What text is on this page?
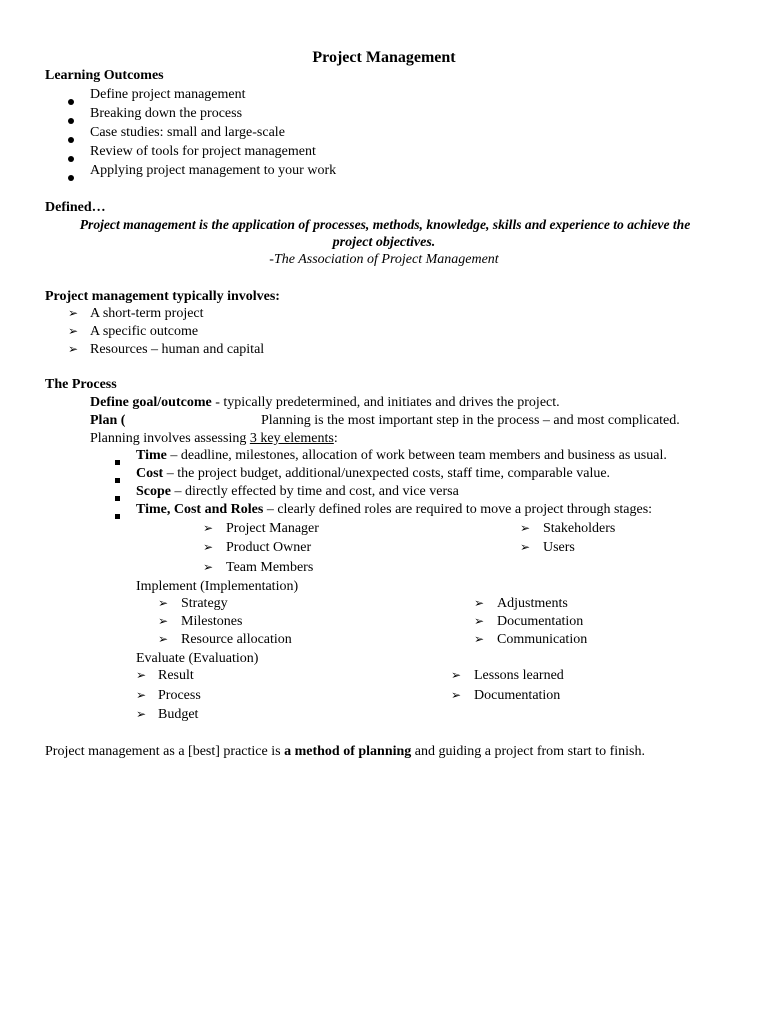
Project Management
Learning Outcomes
Define project management
Breaking down the process
Case studies: small and large-scale
Review of tools for project management
Applying project management to your work
Defined…
Project management is the application of processes, methods, knowledge, skills and experience to achieve the
project objectives.
-The Association of Project Management
Project management typically involves:
➢ A short-term project
➢ A specific outcome
➢ Resources – human and capital
The Process
Define goal/outcome - typically predetermined, and initiates and drives the project.
Plan (	Planning is the most important step in the process – and most complicated.
Planning involves assessing 3 key elements:
Time – deadline, milestones, allocation of work between team members and business as usual.
Cost – the project budget, additional/unexpected costs, staff time, comparable value.
Scope – directly effected by time and cost, and vice versa
Time, Cost and Roles – clearly defined roles are required to move a project through stages:
➢ Project Manager
➢ Product Owner
➢ Team Members
➢ Stakeholders
➢ Users
Implement (Implementation)
➢ Strategy
➢ Milestones
➢ Resource allocation
➢ Adjustments
➢ Documentation
➢ Communication
Evaluate (Evaluation)
➢ Result
➢ Process
➢ Budget
➢ Lessons learned
➢ Documentation
Project management as a [best] practice is a method of planning and guiding a project from start to finish.
